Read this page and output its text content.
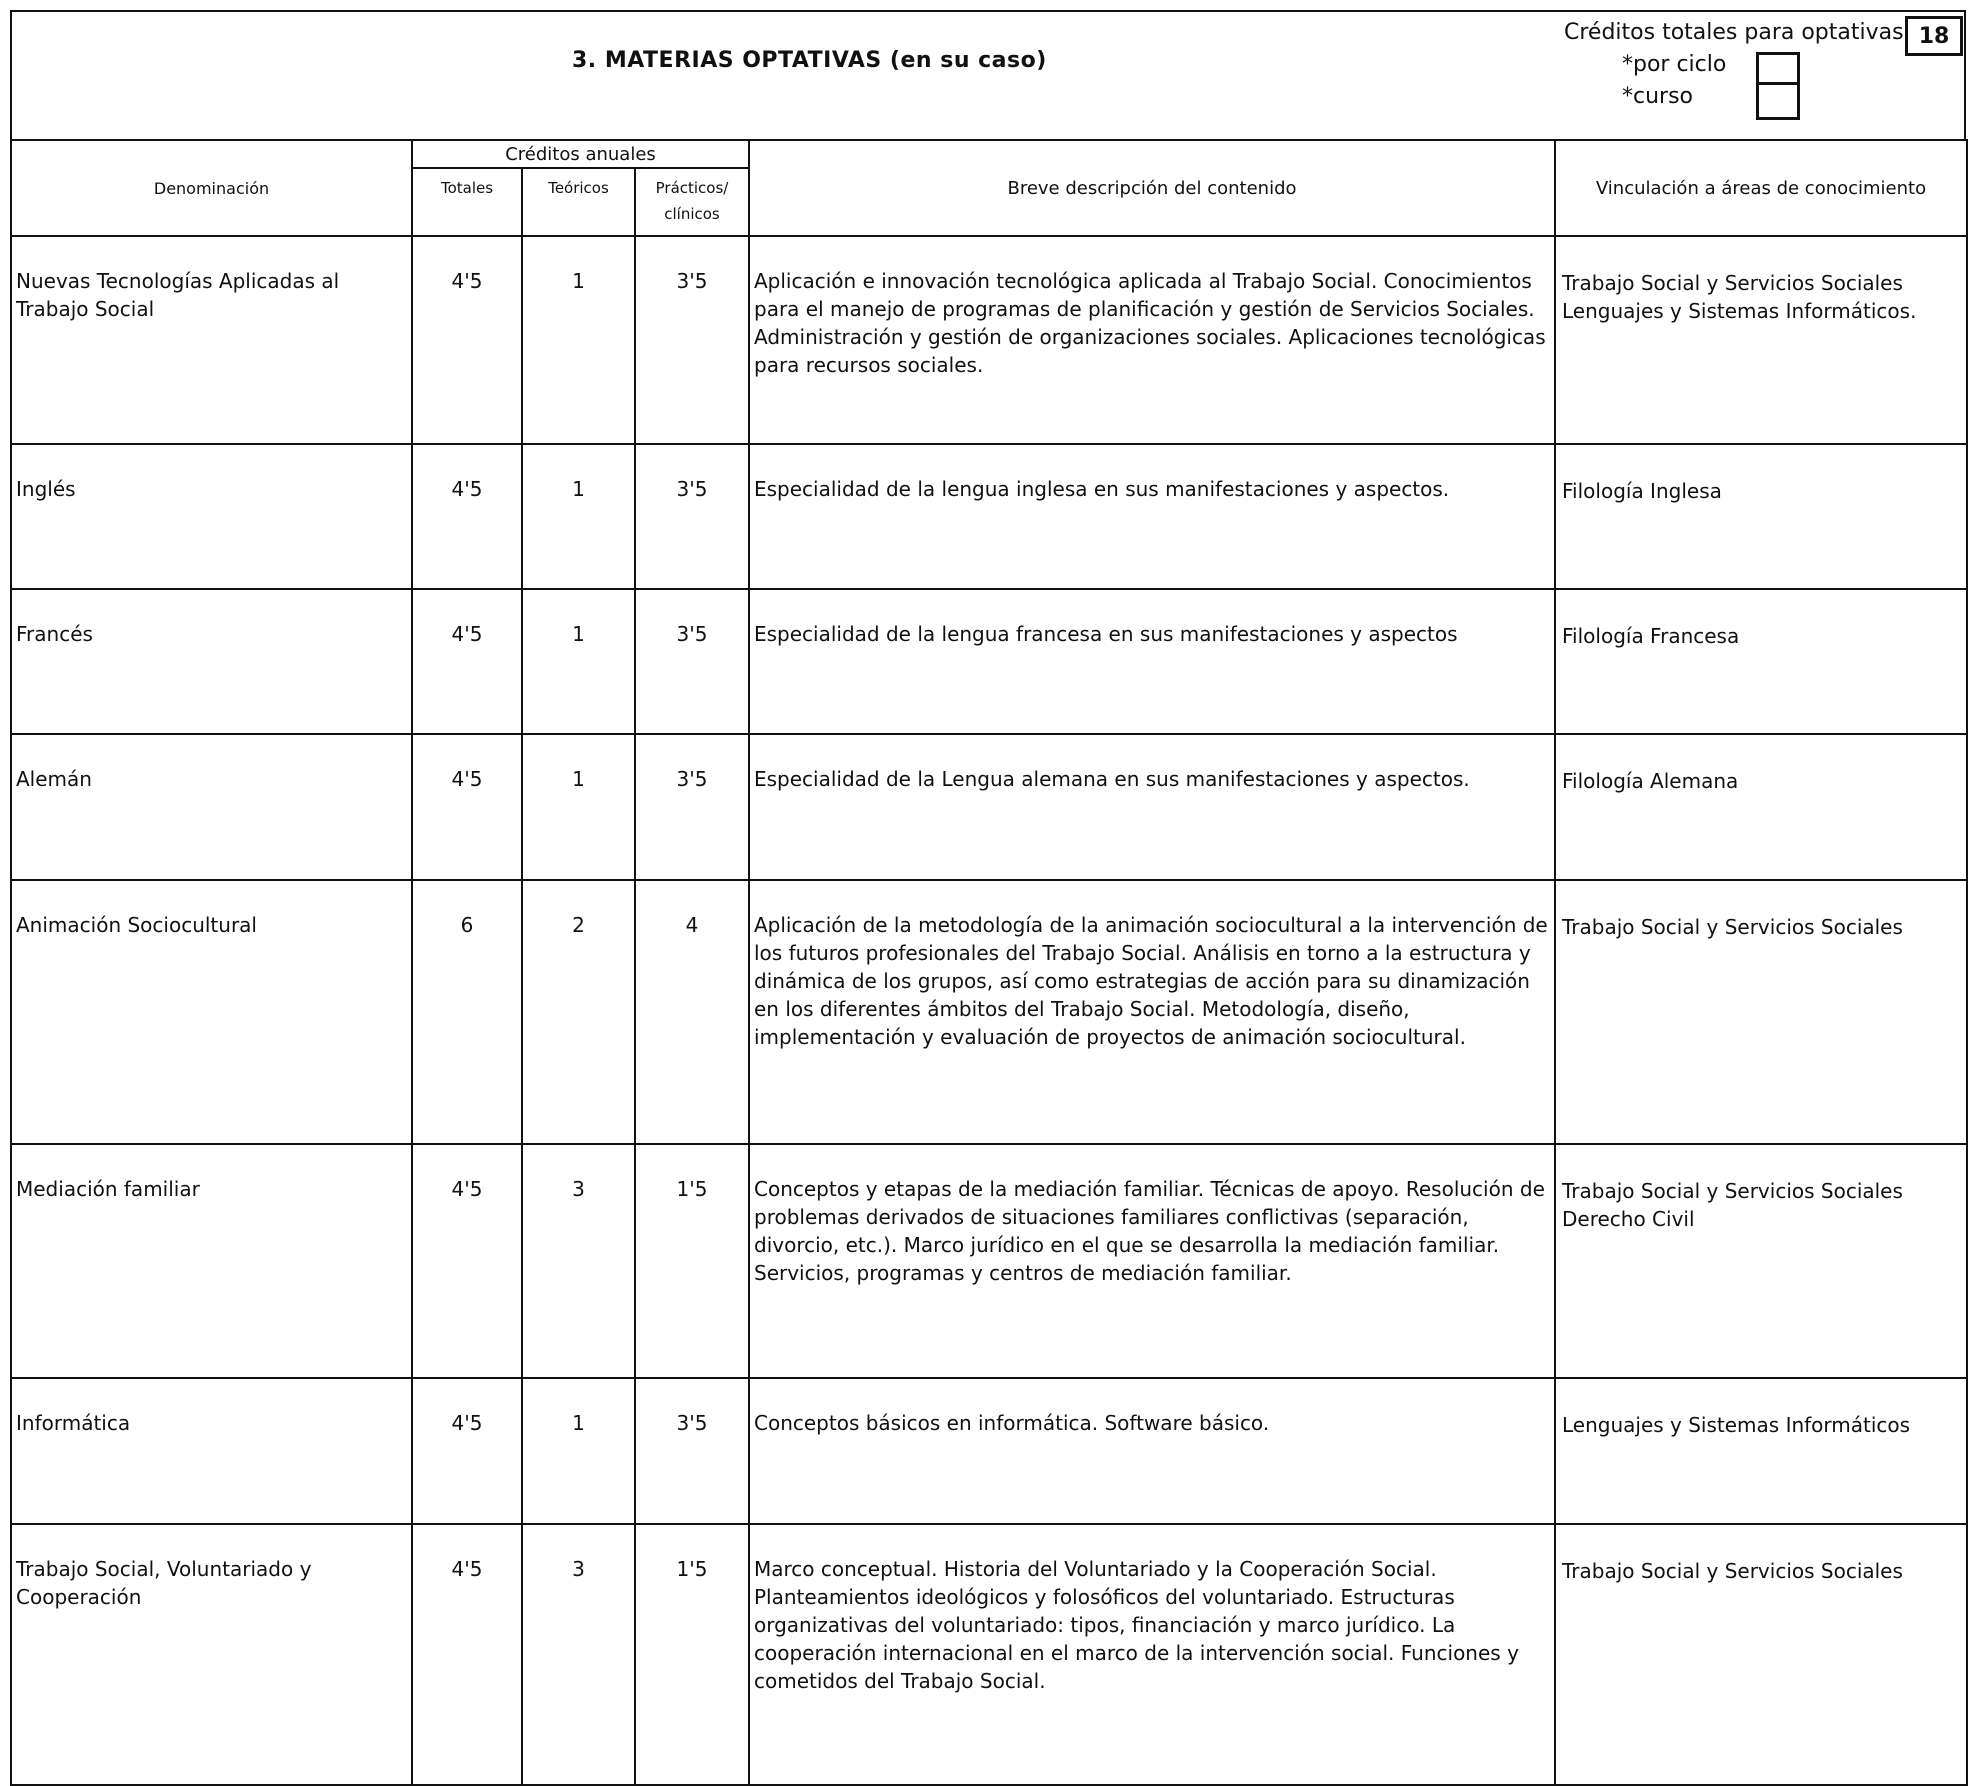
3. MATERIAS OPTATIVAS (en su caso)
Créditos totales para optativas 18
*por ciclo
*curso
Denominación	Créditos anuales			Breve descripción del contenido	Vinculación a áreas de conocimiento
	Totales	Teóricos	Prácticos/ clínicos		
Nuevas Tecnologías Aplicadas al Trabajo Social	4'5	1	3'5	Aplicación e innovación tecnológica aplicada al Trabajo Social. Conocimientos para el manejo de programas de planificación y gestión de Servicios Sociales. Administración y gestión de organizaciones sociales. Aplicaciones tecnológicas para recursos sociales.	Trabajo Social y Servicios Sociales
Lenguajes y Sistemas Informáticos.
Inglés	4'5	1	3'5	Especialidad de la lengua inglesa en sus manifestaciones y aspectos.	Filología Inglesa
Francés	4'5	1	3'5	Especialidad de la lengua francesa en sus manifestaciones y aspectos	Filología Francesa
Alemán	4'5	1	3'5	Especialidad de la Lengua alemana en sus manifestaciones y aspectos.	Filología Alemana
Animación Sociocultural	6	2	4	Aplicación de la metodología de la animación sociocultural a la intervención de los futuros profesionales del Trabajo Social. Análisis en torno a la estructura y dinámica de los grupos, así como estrategias de acción para su dinamización en los diferentes ámbitos del Trabajo Social. Metodología, diseño, implementación y evaluación de proyectos de animación sociocultural.	Trabajo Social y Servicios Sociales
Mediación familiar	4'5	3	1'5	Conceptos y etapas de la mediación familiar. Técnicas de apoyo. Resolución de problemas derivados de situaciones familiares conflictivas (separación, divorcio, etc.). Marco jurídico en el que se desarrolla la mediación familiar. Servicios, programas y centros de mediación familiar.	Trabajo Social y Servicios Sociales
Derecho Civil
Informática	4'5	1	3'5	Conceptos básicos en informática. Software básico.	Lenguajes y Sistemas Informáticos
Trabajo Social, Voluntariado y Cooperación	4'5	3	1'5	Marco conceptual. Historia del Voluntariado y la Cooperación Social. Planteamientos ideológicos y folosóficos del voluntariado. Estructuras organizativas del voluntariado: tipos, financiación y marco jurídico. La cooperación internacional en el marco de la intervención social. Funciones y cometidos del Trabajo Social.	Trabajo Social y Servicios Sociales
